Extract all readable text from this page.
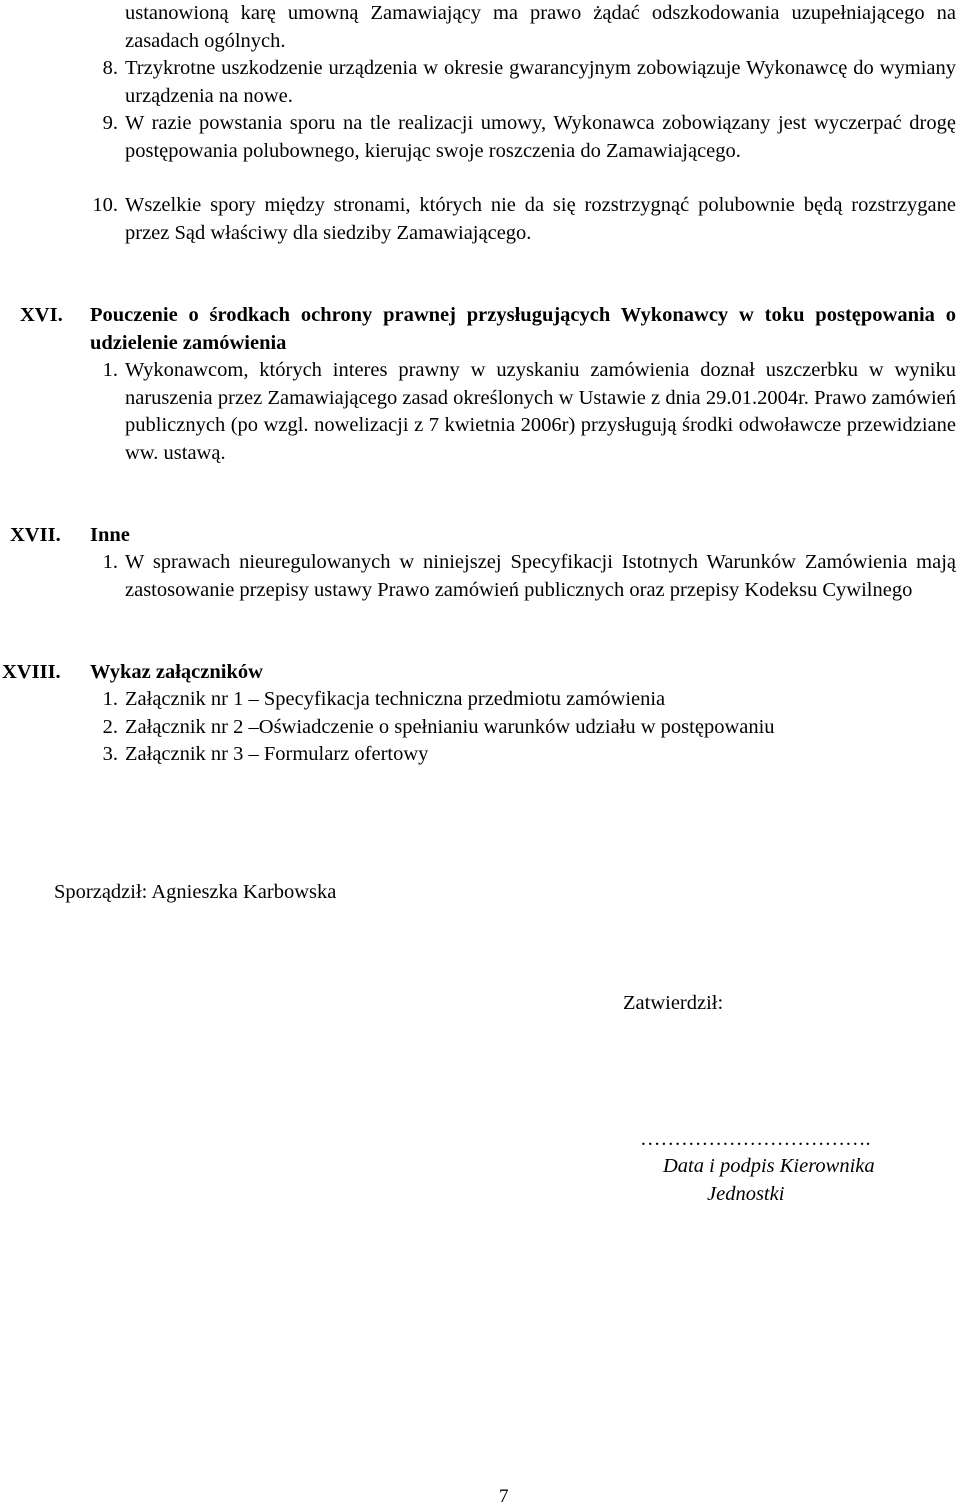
ustanowioną karę umowną Zamawiający ma prawo żądać odszkodowania uzupełniającego na zasadach ogólnych.
8. Trzykrotne uszkodzenie urządzenia w okresie gwarancyjnym zobowiązuje Wykonawcę do wymiany urządzenia na nowe.
9. W razie powstania sporu na tle realizacji umowy, Wykonawca zobowiązany jest wyczerpać drogę postępowania polubownego, kierując swoje roszczenia do Zamawiającego.
10. Wszelkie spory między stronami, których nie da się rozstrzygnąć polubownie będą rozstrzygane przez Sąd właściwy dla siedziby Zamawiającego.
XVI. Pouczenie o środkach ochrony prawnej przysługujących Wykonawcy w toku postępowania o udzielenie zamówienia
1. Wykonawcom, których interes prawny w uzyskaniu zamówienia doznał uszczerbku w wyniku naruszenia przez Zamawiającego zasad określonych w Ustawie z dnia 29.01.2004r. Prawo zamówień publicznych (po wzgl. nowelizacji z 7 kwietnia 2006r) przysługują środki odwoławcze przewidziane ww. ustawą.
XVII. Inne
1. W sprawach nieuregulowanych w niniejszej Specyfikacji Istotnych Warunków Zamówienia mają zastosowanie przepisy ustawy Prawo zamówień publicznych oraz przepisy Kodeksu Cywilnego
XVIII. Wykaz załączników
1. Załącznik nr 1 – Specyfikacja techniczna przedmiotu zamówienia
2. Załącznik nr 2 –Oświadczenie o spełnianiu warunków udziału w postępowaniu
3. Załącznik nr 3 – Formularz ofertowy
Sporządził: Agnieszka Karbowska
Zatwierdził:
…………………………….
Data i podpis Kierownika
Jednostki
7
